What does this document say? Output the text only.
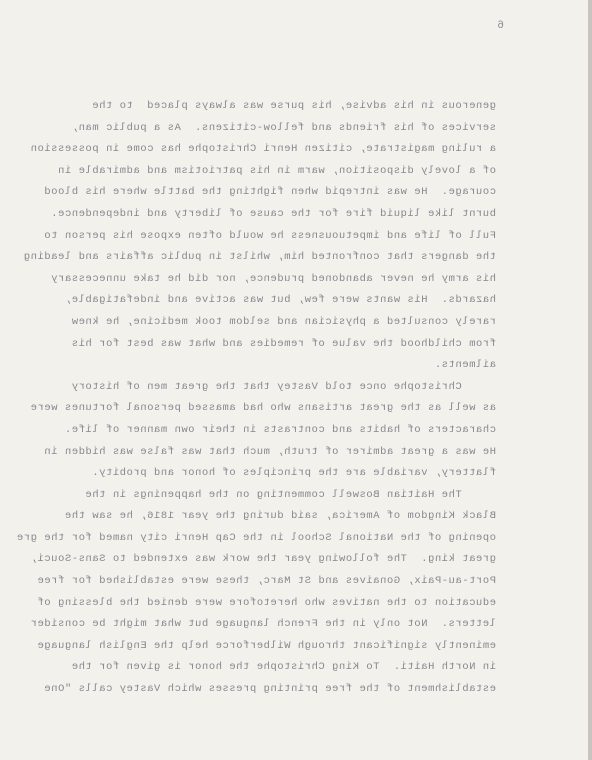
6
generous in his advise, his purse was always placed  to the
services of his friends and fellow-citizens.  As a public man,
a ruling magistrate, citizen Henri Christophe has come in possession
of a lovely disposition, warm in his patriotism and admirable in
courage.  He was intrepid when fighting the battle where his blood
burnt like liquid fire for the cause of liberty and independence.
Full of life and impetuousness he would often expose his person to
the dangers that confronted him, whilst in public affairs and leading
his army he never abandoned prudence, nor did he take unnecessary
hazards.  His wants were few, but was active and indefatigable,
rarely consulted a physician and seldom took medicine, he knew
from childhood the value of remedies and what was best for his
ailments.
Christophe once told Vastey that the great men of history
as well as the great artisans who had amassed personal fortunes were
characters of habits and contrasts in their own manner of life.
He was a great admirer of truth, much that was false was hidden in
flattery, variable are the principles of honor and probity.
The Haitian Boswell commenting on the happenings in the
Black Kingdom of America, said during the year 1816, he saw the
opening of the National School in the Cap Henri city named for the gre
great king.  The following year the work was extended to Sans-Souci,
Port-au-Paix, Gonaives and St Marc, these were established for free
education to the natives who heretofore were denied the blessing of
letters.  Not only in the French language but what might be consider
eminently significant through Wilberforce help the English language
in North Haiti.  To King Christophe the honor is given for the
establishment of the free printing presses which Vastey calls "One
